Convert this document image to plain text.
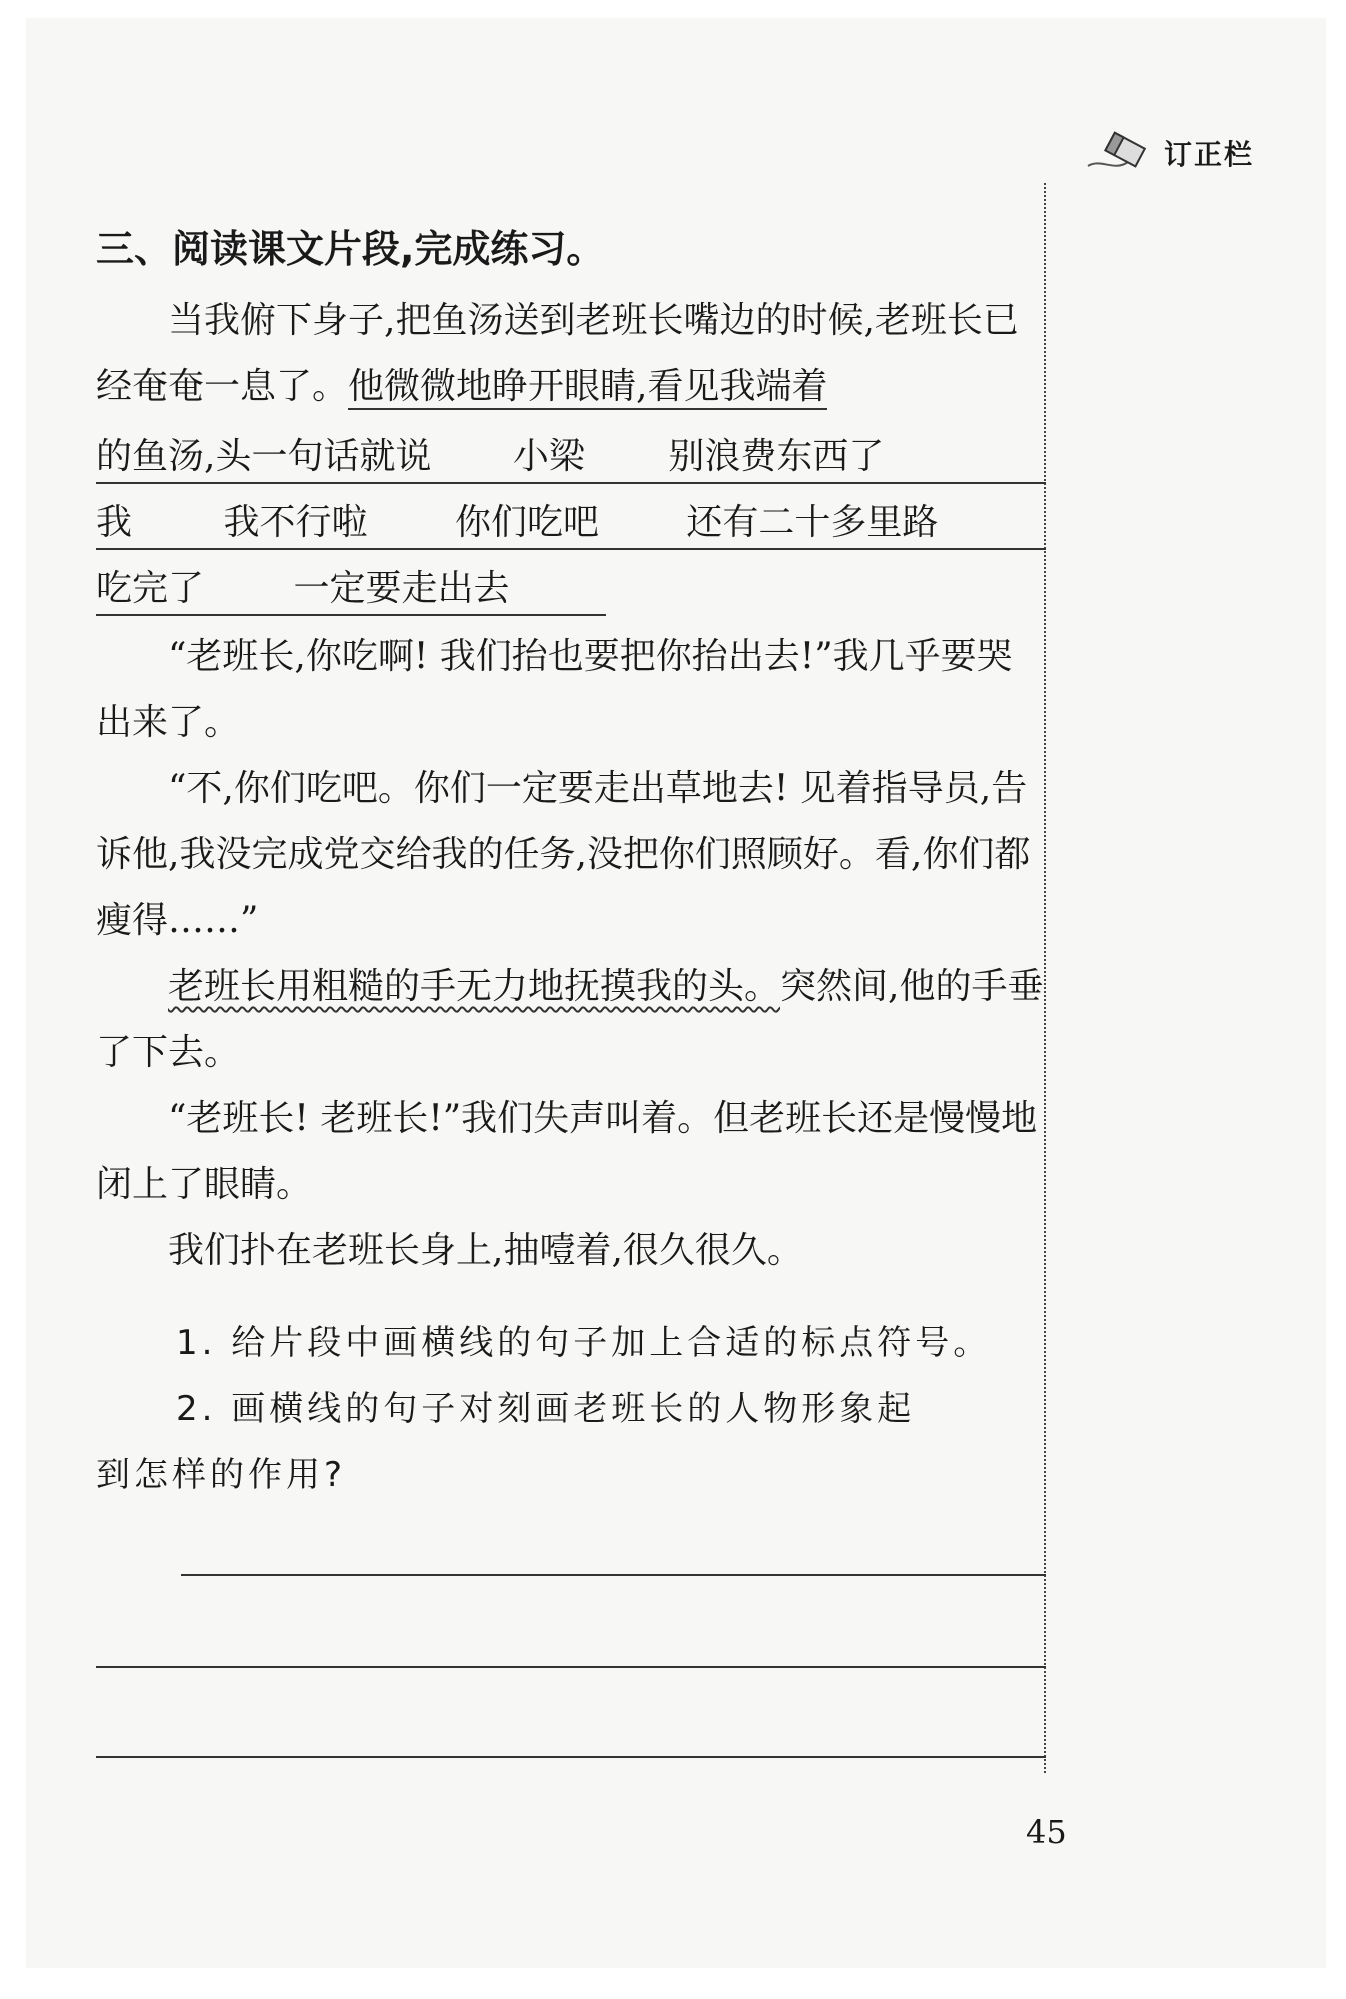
订正栏
三、阅读课文片段,完成练习。

当我俯下身子,把鱼汤送到老班长嘴边的时候,老班长已经奄奄一息了。他微微地睁开眼睛,看见我端着

的鱼汤,头一句话就说 小梁 别浪费东西了
我	我不行啦 你们吃吧 还有二十多里路
吃完了 一定要走出去

“老班长,你吃啊! 我们抬也要把你抬出去!”我几乎要哭出来了。

“不,你们吃吧。你们一定要走出草地去! 见着指导员,告诉他,我没完成党交给我的任务,没把你们照顾好。看,你们都瘦得……”

老班长用粗糙的手无力地抚摸我的头。突然间,他的手垂了下去。

“老班长! 老班长!”我们失声叫着。但老班长还是慢慢地闭上了眼睛。

我们扑在老班长身上,抽噎着,很久很久。

1. 给片段中画横线的句子加上合适的标点符号。
2. 画横线的句子对刻画老班长的人物形象起
到怎样的作用?
45
